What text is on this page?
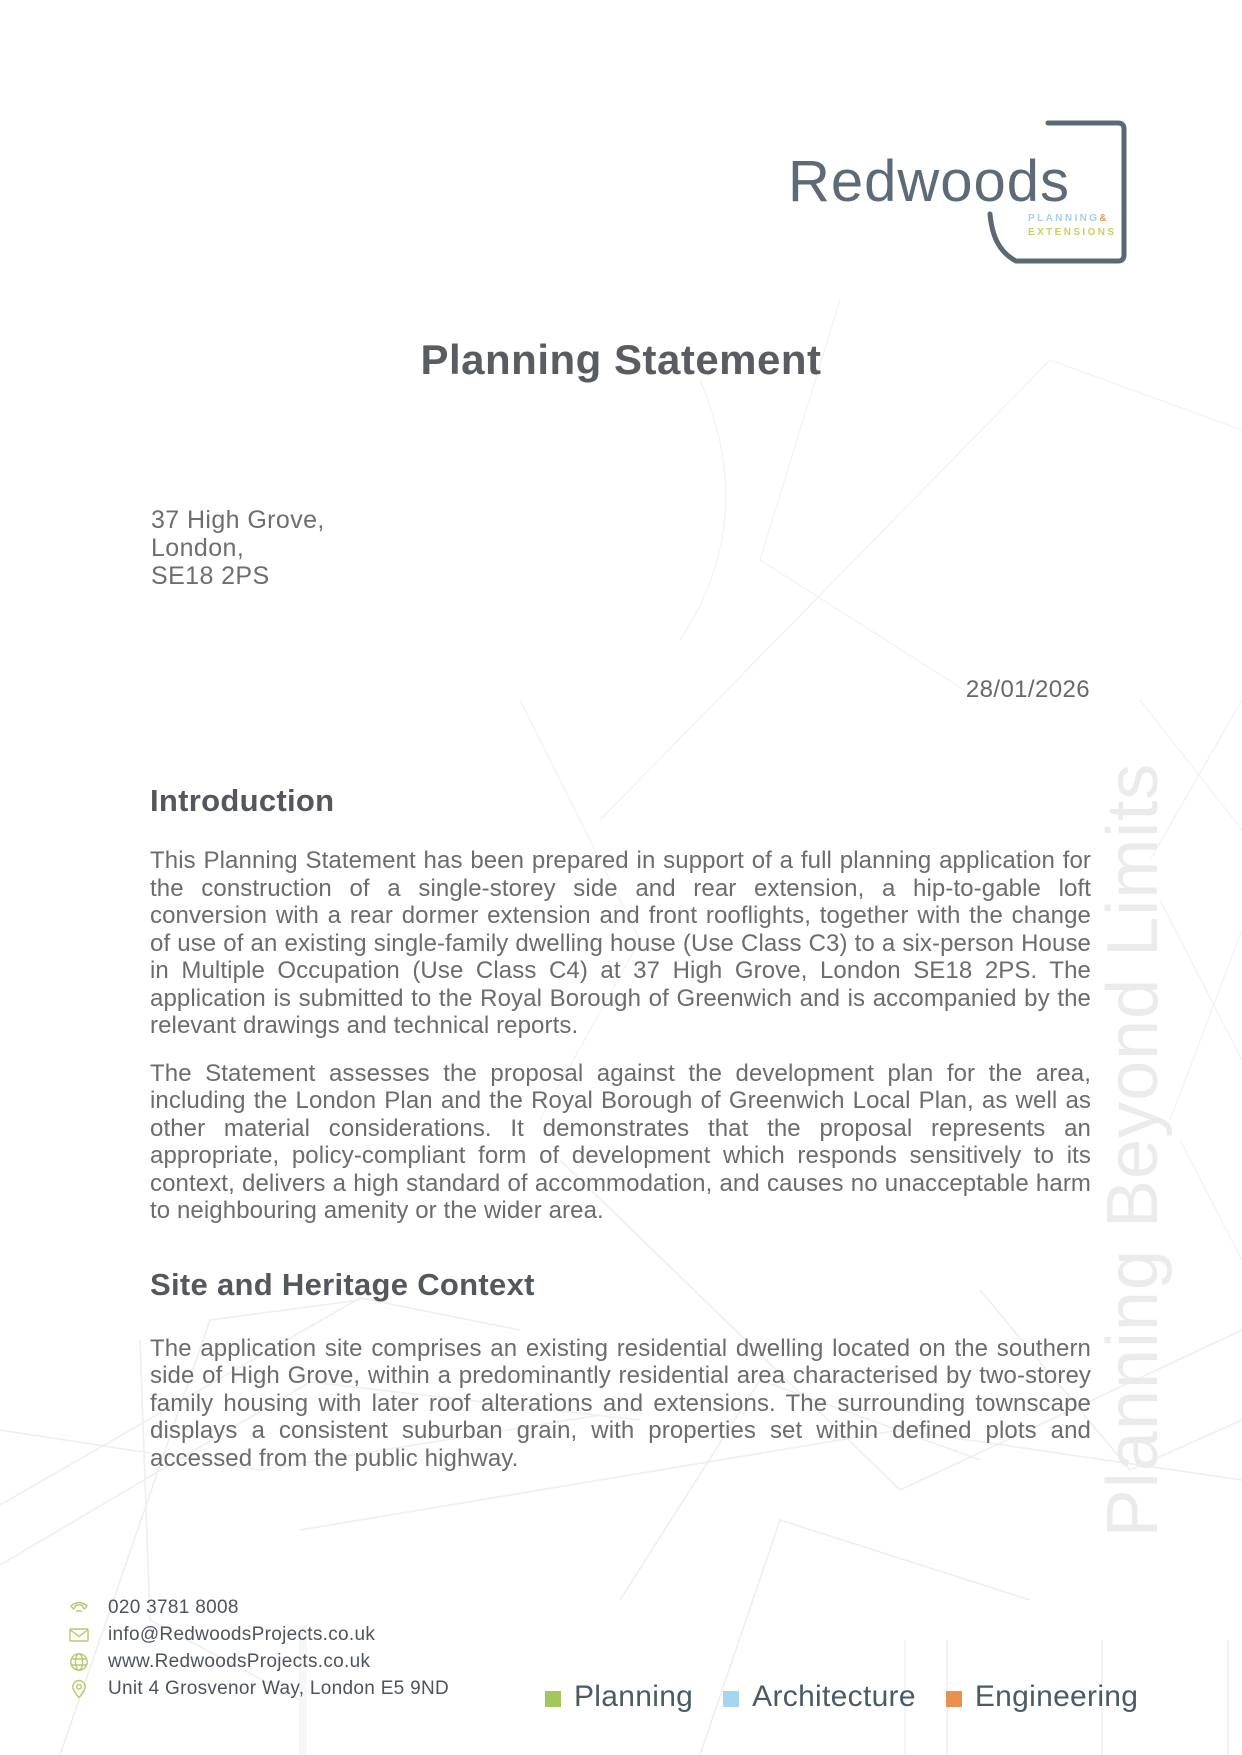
Planning Beyond Limits
Redwoods
PLANNING&
EXTENSIONS
Planning Statement
37 High Grove,
London,
SE18 2PS
28/01/2026
Introduction

This Planning Statement has been prepared in support of a full planning application for the construction of a single-storey side and rear extension, a hip-to-gable loft conversion with a rear dormer extension and front rooflights, together with the change of use of an existing single-family dwelling house (Use Class C3) to a six-person House in Multiple Occupation (Use Class C4) at 37 High Grove, London SE18 2PS. The application is submitted to the Royal Borough of Greenwich and is accompanied by the relevant drawings and technical reports.

The Statement assesses the proposal against the development plan for the area, including the London Plan and the Royal Borough of Greenwich Local Plan, as well as other material considerations. It demonstrates that the proposal represents an appropriate, policy-compliant form of development which responds sensitively to its context, delivers a high standard of accommodation, and causes no unacceptable harm to neighbouring amenity or the wider area.

Site and Heritage Context

The application site comprises an existing residential dwelling located on the southern side of High Grove, within a predominantly residential area characterised by two-storey family housing with later roof alterations and extensions. The surrounding townscape displays a consistent suburban grain, with properties set within defined plots and accessed from the public highway.

020 3781 8008
info@RedwoodsProjects.co.uk
www.RedwoodsProjects.co.uk
Unit 4 Grosvenor Way, London E5 9ND	Planning Architecture Engineering
